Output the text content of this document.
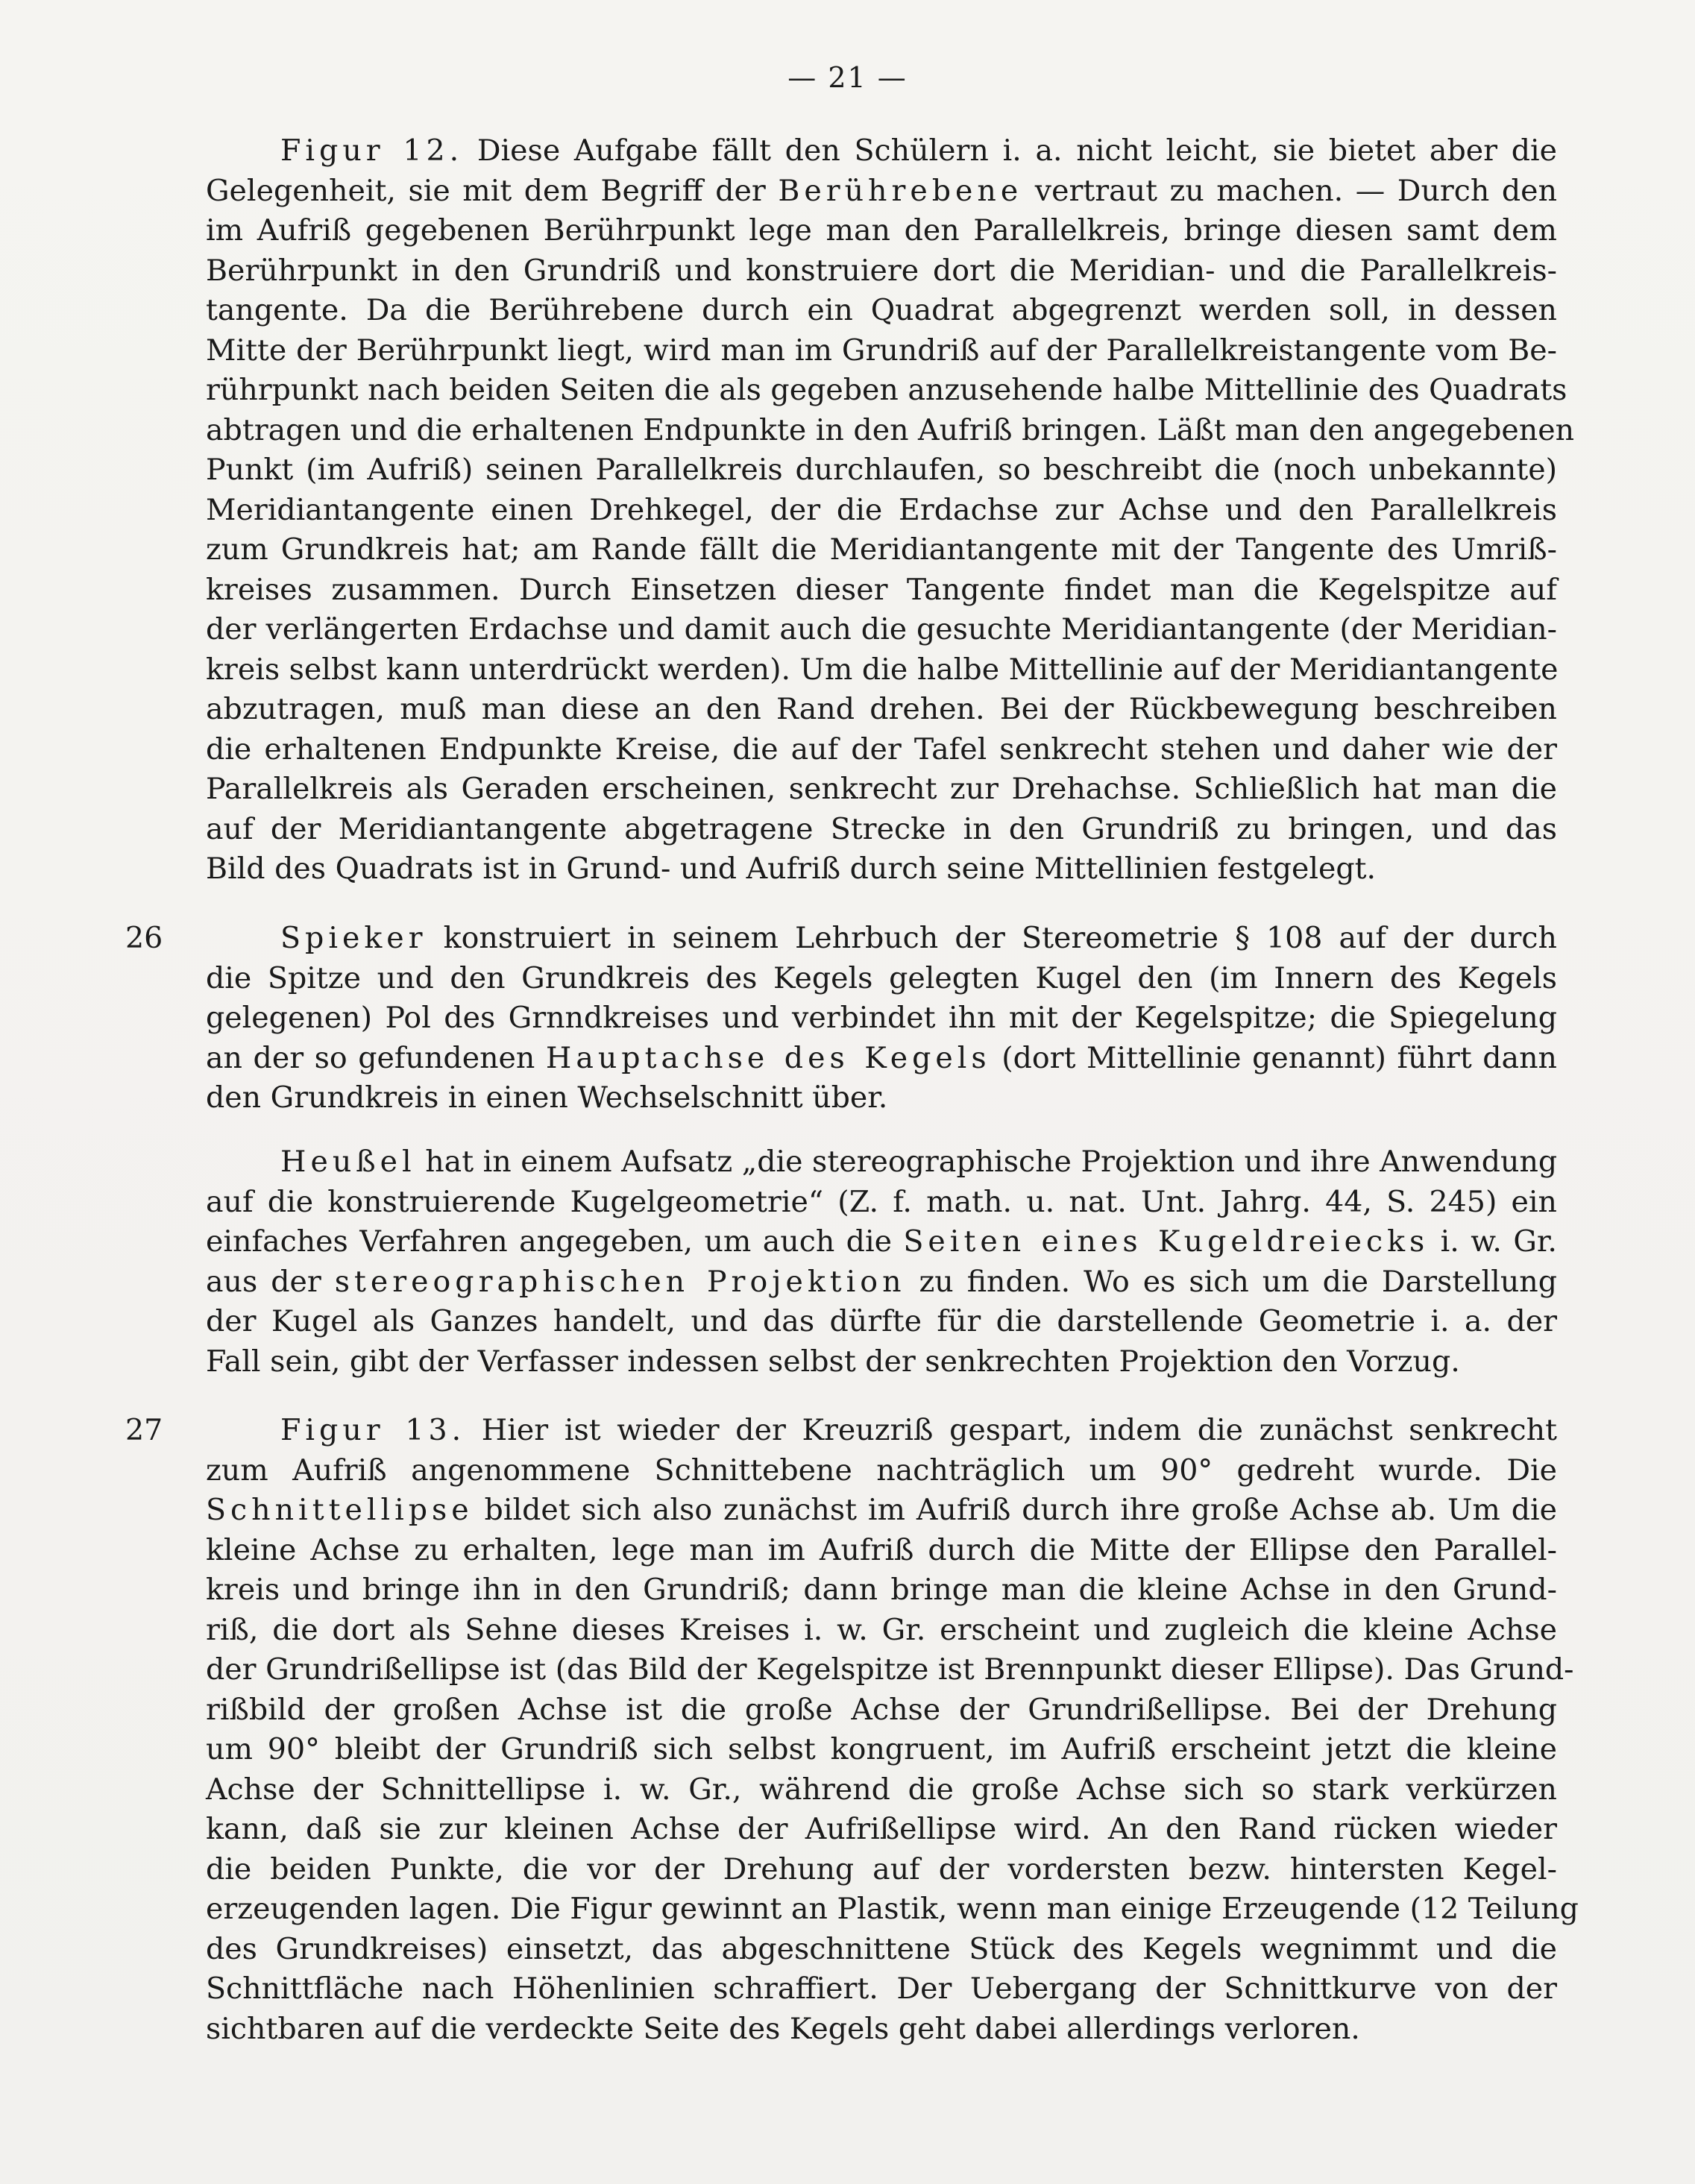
— 21 —
Figur 12. Diese Aufgabe fällt den Schülern i. a. nicht leicht, sie bietet aber die
Gelegenheit, sie mit dem Begriff der Berührebene vertraut zu machen. — Durch den
im Aufriß gegebenen Berührpunkt lege man den Parallelkreis, bringe diesen samt dem
Berührpunkt in den Grundriß und konstruiere dort die Meridian- und die Parallelkreis-
tangente. Da die Berührebene durch ein Quadrat abgegrenzt werden soll, in dessen
Mitte der Berührpunkt liegt, wird man im Grundriß auf der Parallelkreistangente vom Be-
rührpunkt nach beiden Seiten die als gegeben anzusehende halbe Mittellinie des Quadrats
abtragen und die erhaltenen Endpunkte in den Aufriß bringen. Läßt man den angegebenen
Punkt (im Aufriß) seinen Parallelkreis durchlaufen, so beschreibt die (noch unbekannte)
Meridiantangente einen Drehkegel, der die Erdachse zur Achse und den Parallelkreis
zum Grundkreis hat; am Rande fällt die Meridiantangente mit der Tangente des Umriß-
kreises zusammen. Durch Einsetzen dieser Tangente findet man die Kegelspitze auf
der verlängerten Erdachse und damit auch die gesuchte Meridiantangente (der Meridian-
kreis selbst kann unterdrückt werden). Um die halbe Mittellinie auf der Meridiantangente
abzutragen, muß man diese an den Rand drehen. Bei der Rückbewegung beschreiben
die erhaltenen Endpunkte Kreise, die auf der Tafel senkrecht stehen und daher wie der
Parallelkreis als Geraden erscheinen, senkrecht zur Drehachse. Schließlich hat man die
auf der Meridiantangente abgetragene Strecke in den Grundriß zu bringen, und das
Bild des Quadrats ist in Grund- und Aufriß durch seine Mittellinien festgelegt.
26	Spieker konstruiert in seinem Lehrbuch der Stereometrie § 108 auf der durch
die Spitze und den Grundkreis des Kegels gelegten Kugel den (im Innern des Kegels
gelegenen) Pol des Grnndkreises und verbindet ihn mit der Kegelspitze; die Spiegelung
an der so gefundenen Hauptachse des Kegels (dort Mittellinie genannt) führt dann
den Grundkreis in einen Wechselschnitt über.
Heußel hat in einem Aufsatz „die stereographische Projektion und ihre Anwendung
auf die konstruierende Kugelgeometrie“ (Z. f. math. u. nat. Unt. Jahrg. 44, S. 245) ein
einfaches Verfahren angegeben, um auch die Seiten eines Kugeldreiecks i. w. Gr.
aus der stereographischen Projektion zu finden. Wo es sich um die Darstellung
der Kugel als Ganzes handelt, und das dürfte für die darstellende Geometrie i. a. der
Fall sein, gibt der Verfasser indessen selbst der senkrechten Projektion den Vorzug.
27	Figur 13. Hier ist wieder der Kreuzriß gespart, indem die zunächst senkrecht
zum Aufriß angenommene Schnittebene nachträglich um 90° gedreht wurde. Die
Schnittellipse bildet sich also zunächst im Aufriß durch ihre große Achse ab. Um die
kleine Achse zu erhalten, lege man im Aufriß durch die Mitte der Ellipse den Parallel-
kreis und bringe ihn in den Grundriß; dann bringe man die kleine Achse in den Grund-
riß, die dort als Sehne dieses Kreises i. w. Gr. erscheint und zugleich die kleine Achse
der Grundrißellipse ist (das Bild der Kegelspitze ist Brennpunkt dieser Ellipse). Das Grund-
rißbild der großen Achse ist die große Achse der Grundrißellipse. Bei der Drehung
um 90° bleibt der Grundriß sich selbst kongruent, im Aufriß erscheint jetzt die kleine
Achse der Schnittellipse i. w. Gr., während die große Achse sich so stark verkürzen
kann, daß sie zur kleinen Achse der Aufrißellipse wird. An den Rand rücken wieder
die beiden Punkte, die vor der Drehung auf der vordersten bezw. hintersten Kegel-
erzeugenden lagen. Die Figur gewinnt an Plastik, wenn man einige Erzeugende (12 Teilung
des Grundkreises) einsetzt, das abgeschnittene Stück des Kegels wegnimmt und die
Schnittfläche nach Höhenlinien schraffiert. Der Uebergang der Schnittkurve von der
sichtbaren auf die verdeckte Seite des Kegels geht dabei allerdings verloren.
